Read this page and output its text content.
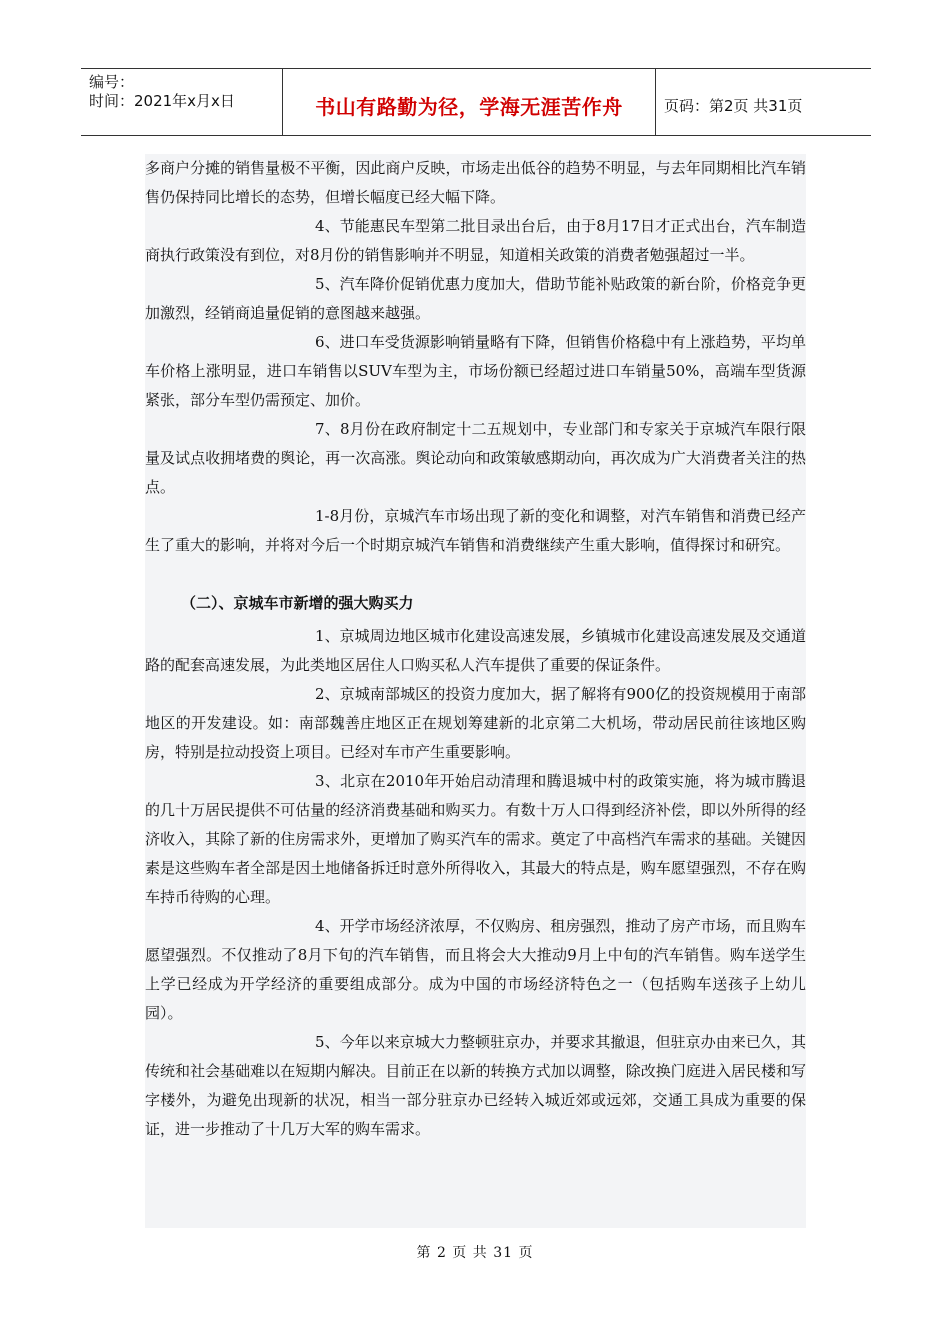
编号：
时间：2021年x月x日	书山有路勤为径，学海无涯苦作舟	页码：第2页 共31页

多商户分摊的销售量极不平衡，因此商户反映，市场走出低谷的趋势不明显，与去年同期相比汽车销售仍保持同比增长的态势，但增长幅度已经大幅下降。

4、节能惠民车型第二批目录出台后，由于8月17日才正式出台，汽车制造商执行政策没有到位，对8月份的销售影响并不明显，知道相关政策的消费者勉强超过一半。

5、汽车降价促销优惠力度加大，借助节能补贴政策的新台阶，价格竞争更加激烈，经销商追量促销的意图越来越强。

6、进口车受货源影响销量略有下降，但销售价格稳中有上涨趋势，平均单车价格上涨明显，进口车销售以SUV车型为主，市场份额已经超过进口车销量50%，高端车型货源紧张，部分车型仍需预定、加价。

7、8月份在政府制定十二五规划中，专业部门和专家关于京城汽车限行限量及试点收拥堵费的舆论，再一次高涨。舆论动向和政策敏感期动向，再次成为广大消费者关注的热点。

1-8月份，京城汽车市场出现了新的变化和调整，对汽车销售和消费已经产生了重大的影响，并将对今后一个时期京城汽车销售和消费继续产生重大影响，值得探讨和研究。

（二）、京城车市新增的强大购买力

1、京城周边地区城市化建设高速发展，乡镇城市化建设高速发展及交通道路的配套高速发展，为此类地区居住人口购买私人汽车提供了重要的保证条件。

2、京城南部城区的投资力度加大，据了解将有900亿的投资规模用于南部地区的开发建设。如：南部魏善庄地区正在规划筹建新的北京第二大机场，带动居民前往该地区购房，特别是拉动投资上项目。已经对车市产生重要影响。

3、北京在2010年开始启动清理和腾退城中村的政策实施，将为城市腾退的几十万居民提供不可估量的经济消费基础和购买力。有数十万人口得到经济补偿，即以外所得的经济收入，其除了新的住房需求外，更增加了购买汽车的需求。奠定了中高档汽车需求的基础。关键因素是这些购车者全部是因土地储备拆迁时意外所得收入，其最大的特点是，购车愿望强烈，不存在购车持币待购的心理。

4、开学市场经济浓厚，不仅购房、租房强烈，推动了房产市场，而且购车愿望强烈。不仅推动了8月下旬的汽车销售，而且将会大大推动9月上中旬的汽车销售。购车送学生上学已经成为开学经济的重要组成部分。成为中国的市场经济特色之一（包括购车送孩子上幼儿园）。

5、今年以来京城大力整顿驻京办，并要求其撤退，但驻京办由来已久，其传统和社会基础难以在短期内解决。目前正在以新的转换方式加以调整，除改换门庭进入居民楼和写字楼外，为避免出现新的状况，相当一部分驻京办已经转入城近郊或远郊，交通工具成为重要的保证，进一步推动了十几万大军的购车需求。

第 2 页 共 31 页
